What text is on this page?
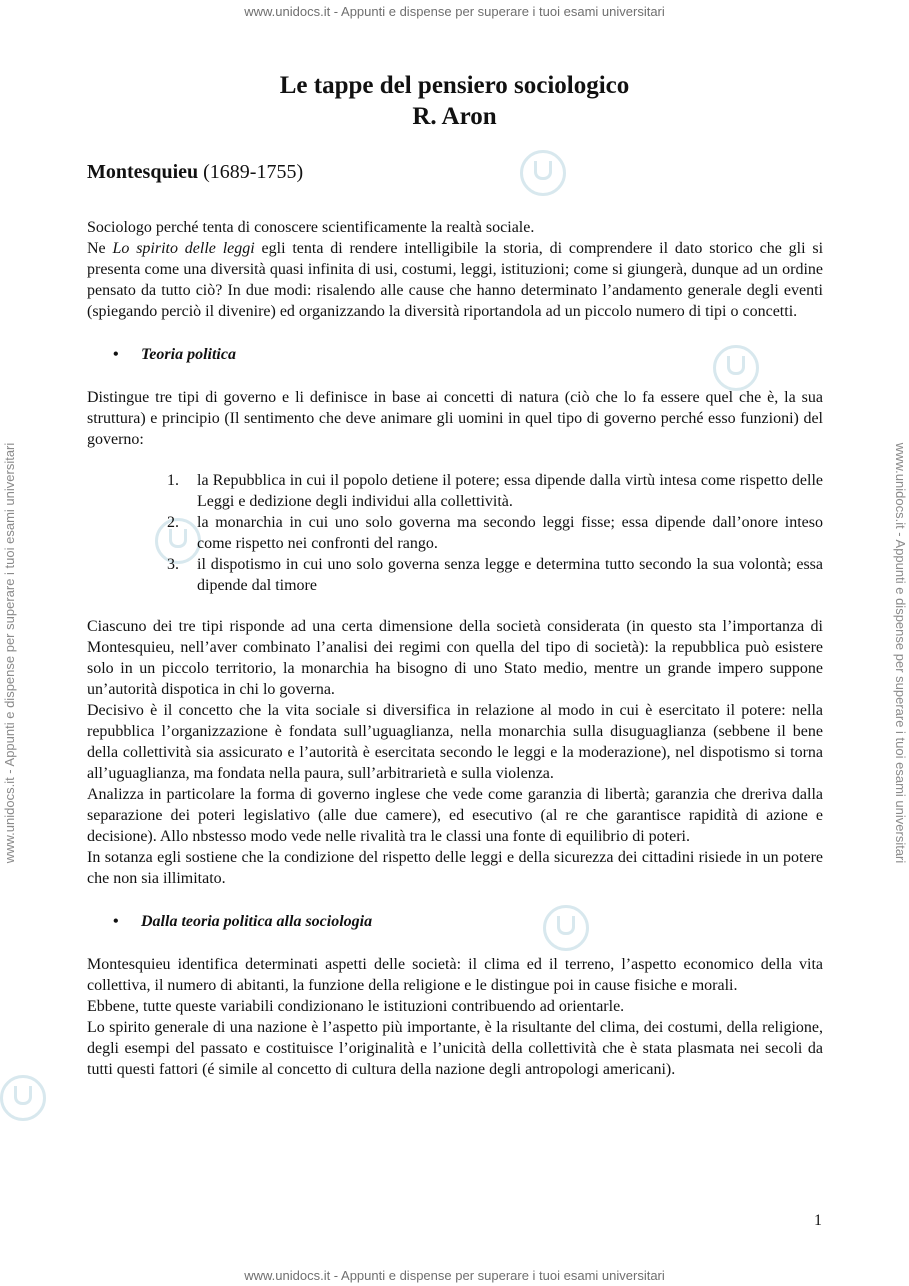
www.unidocs.it - Appunti e dispense per superare i tuoi esami universitari
www.unidocs.it - Appunti e dispense per superare i tuoi esami universitari	www.unidocs.it - Appunti e dispense per superare i tuoi esami universitari
Le tappe del pensiero sociologico
R. Aron
Montesquieu (1689-1755)

Sociologo perché tenta di conoscere scientificamente la realtà sociale.

Ne Lo spirito delle leggi egli tenta di rendere intelligibile la storia, di comprendere il dato storico che gli si presenta come una diversità quasi infinita di usi, costumi, leggi, istituzioni; come si giungerà, dunque ad un ordine pensato da tutto ciò? In due modi: risalendo alle cause che hanno determinato l’andamento generale degli eventi (spiegando perciò il divenire) ed organizzando la diversità riportandola ad un piccolo numero di tipi o concetti.

• Teoria politica

Distingue tre tipi di governo e li definisce in base ai concetti di natura (ciò che lo fa essere quel che è, la sua struttura) e principio (Il sentimento che deve animare gli uomini in quel tipo di governo perché esso funzioni) del governo:

1. la Repubblica in cui il popolo detiene il potere; essa dipende dalla virtù intesa come rispetto delle Leggi e dedizione degli individui alla collettività.
2. la monarchia in cui uno solo governa ma secondo leggi fisse; essa dipende dall’onore inteso come rispetto nei confronti del rango.
3. il dispotismo in cui uno solo governa senza legge e determina tutto secondo la sua volontà; essa dipende dal timore

Ciascuno dei tre tipi risponde ad una certa dimensione della società considerata (in questo sta l’importanza di Montesquieu, nell’aver combinato l’analisi dei regimi con quella del tipo di società): la repubblica può esistere solo in un piccolo territorio, la monarchia ha bisogno di uno Stato medio, mentre un grande impero suppone un’autorità dispotica in chi lo governa.

Decisivo è il concetto che la vita sociale si diversifica in relazione al modo in cui è esercitato il potere: nella repubblica l’organizzazione è fondata sull’uguaglianza, nella monarchia sulla disuguaglianza (sebbene il bene della collettività sia assicurato e l’autorità è esercitata secondo le leggi e la moderazione), nel dispotismo si torna all’uguaglianza, ma fondata nella paura, sull’arbitrarietà e sulla violenza.

Analizza in particolare la forma di governo inglese che vede come garanzia di libertà; garanzia che dreriva dalla separazione dei poteri legislativo (alle due camere), ed esecutivo (al re che garantisce rapidità di azione e decisione). Allo nbstesso modo vede nelle rivalità tra le classi una fonte di equilibrio di poteri.

In sotanza egli sostiene che la condizione del rispetto delle leggi e della sicurezza dei cittadini risiede in un potere che non sia illimitato.

• Dalla teoria politica alla sociologia

Montesquieu identifica determinati aspetti delle società: il clima ed il terreno, l’aspetto economico della vita collettiva, il numero di abitanti, la funzione della religione e le distingue poi in cause fisiche e morali.

Ebbene, tutte queste variabili condizionano le istituzioni contribuendo ad orientarle.

Lo spirito generale di una nazione è l’aspetto più importante, è la risultante del clima, dei costumi, della religione, degli esempi del passato e costituisce l’originalità e l’unicità della collettività che è stata plasmata nei secoli da tutti questi fattori (é simile al concetto di cultura della nazione degli antropologi americani).

1
www.unidocs.it - Appunti e dispense per superare i tuoi esami universitari
